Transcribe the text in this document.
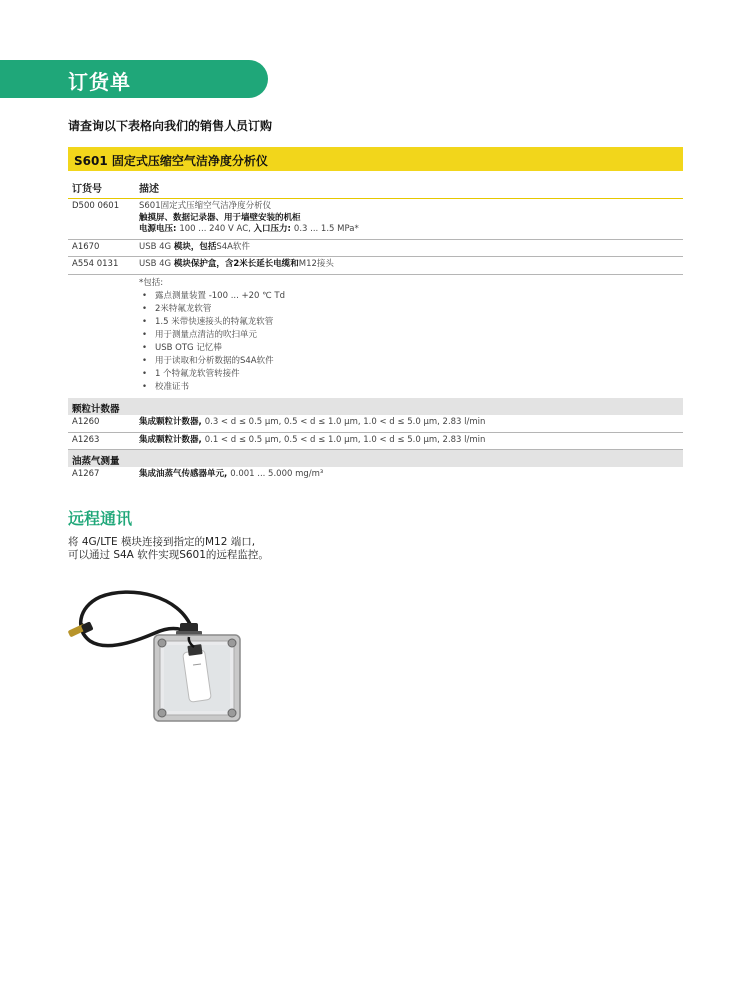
订货单
请查询以下表格向我们的销售人员订购
S601 固定式压缩空气洁净度分析仪
订货号	描述
D500 0601	S601固定式压缩空气洁净度分析仪
触摸屏、数据记录器、用于墙壁安装的机柜
电源电压: 100 ... 240 V AC, 入口压力: 0.3 ... 1.5 MPa*
A1670	USB 4G 模块，包括S4A软件
A554 0131	USB 4G 模块保护盒，含2米长延长电缆和M12接头
*包括:
• 露点测量装置 -100 ... +20 ℃ Td
• 2米特氟龙软管
• 1.5 米带快速接头的特氟龙软管
• 用于测量点清洁的吹扫单元
• USB OTG 记忆棒
• 用于读取和分析数据的S4A软件
• 1 个特氟龙软管转接件
• 校准证书
颗粒计数器
A1260	集成颗粒计数器, 0.3 < d ≤ 0.5 µm, 0.5 < d ≤ 1.0 µm, 1.0 < d ≤ 5.0 µm, 2.83 l/min
A1263	集成颗粒计数器, 0.1 < d ≤ 0.5 µm, 0.5 < d ≤ 1.0 µm, 1.0 < d ≤ 5.0 µm, 2.83 l/min
油蒸气测量
A1267	集成油蒸气传感器单元, 0.001 ... 5.000 mg/m³
远程通讯
将 4G/LTE 模块连接到指定的M12 端口,
可以通过 S4A 软件实现S601的远程监控。
